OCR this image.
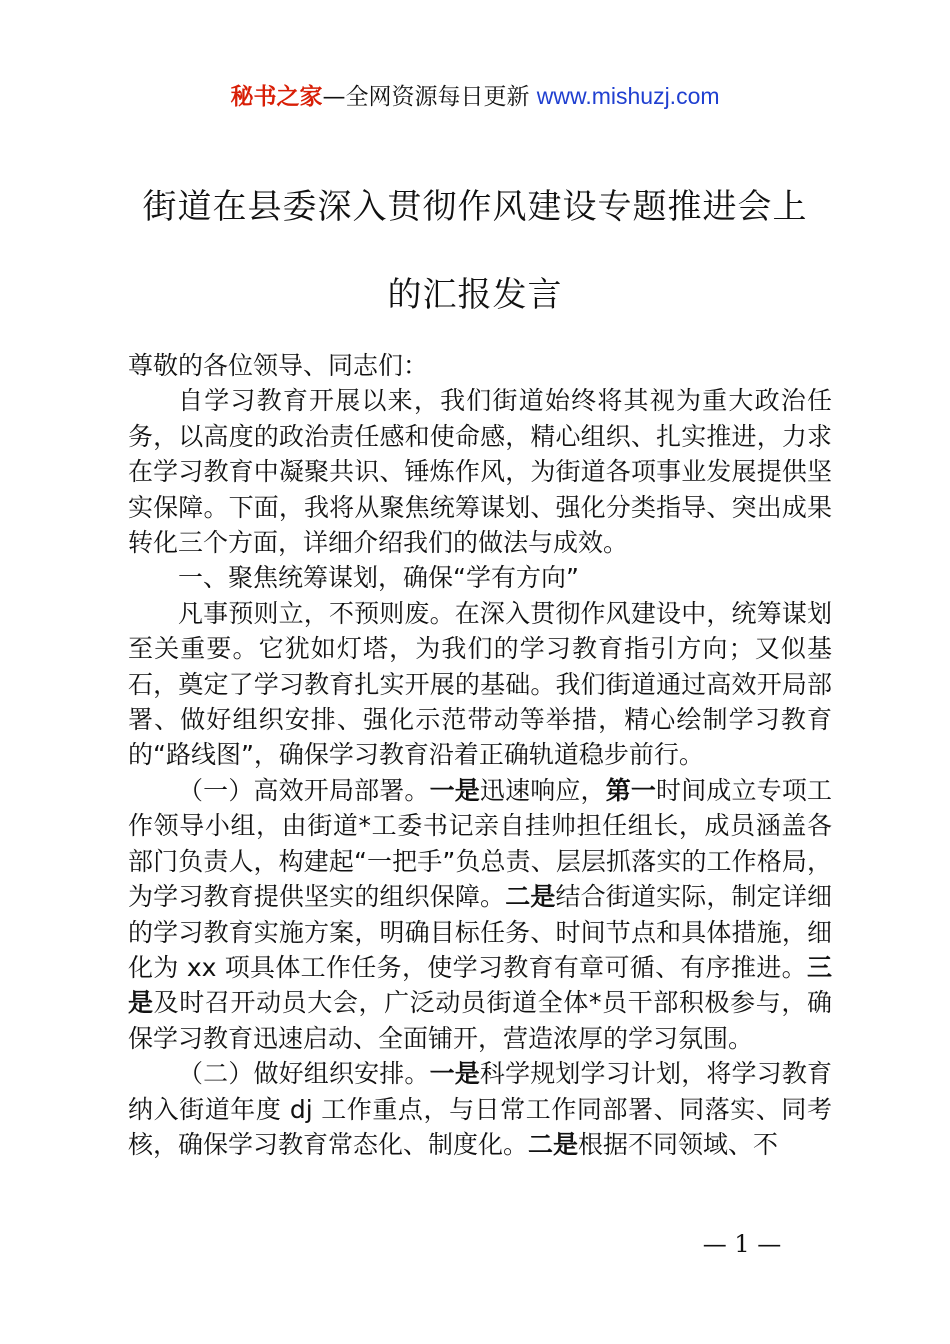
秘书之家—全网资源每日更新 www.mishuzj.com
街道在县委深入贯彻作风建设专题推进会上
的汇报发言

尊敬的各位领导、同志们：

自学习教育开展以来，我们街道始终将其视为重大政治任务，以高度的政治责任感和使命感，精心组织、扎实推进，力求在学习教育中凝聚共识、锤炼作风，为街道各项事业发展提供坚实保障。下面，我将从聚焦统筹谋划、强化分类指导、突出成果转化三个方面，详细介绍我们的做法与成效。

一、聚焦统筹谋划，确保“学有方向”

凡事预则立，不预则废。在深入贯彻作风建设中，统筹谋划至关重要。它犹如灯塔，为我们的学习教育指引方向；又似基石，奠定了学习教育扎实开展的基础。我们街道通过高效开局部署、做好组织安排、强化示范带动等举措，精心绘制学习教育的“路线图”，确保学习教育沿着正确轨道稳步前行。

（一）高效开局部署。一是迅速响应，第一时间成立专项工作领导小组，由街道*工委书记亲自挂帅担任组长，成员涵盖各部门负责人，构建起“一把手”负总责、层层抓落实的工作格局，为学习教育提供坚实的组织保障。二是结合街道实际，制定详细的学习教育实施方案，明确目标任务、时间节点和具体措施，细化为 xx 项具体工作任务，使学习教育有章可循、有序推进。三是及时召开动员大会，广泛动员街道全体*员干部积极参与，确保学习教育迅速启动、全面铺开，营造浓厚的学习氛围。

（二）做好组织安排。一是科学规划学习计划，将学习教育纳入街道年度 dj 工作重点，与日常工作同部署、同落实、同考核，确保学习教育常态化、制度化。二是根据不同领域、不

— 1 —
